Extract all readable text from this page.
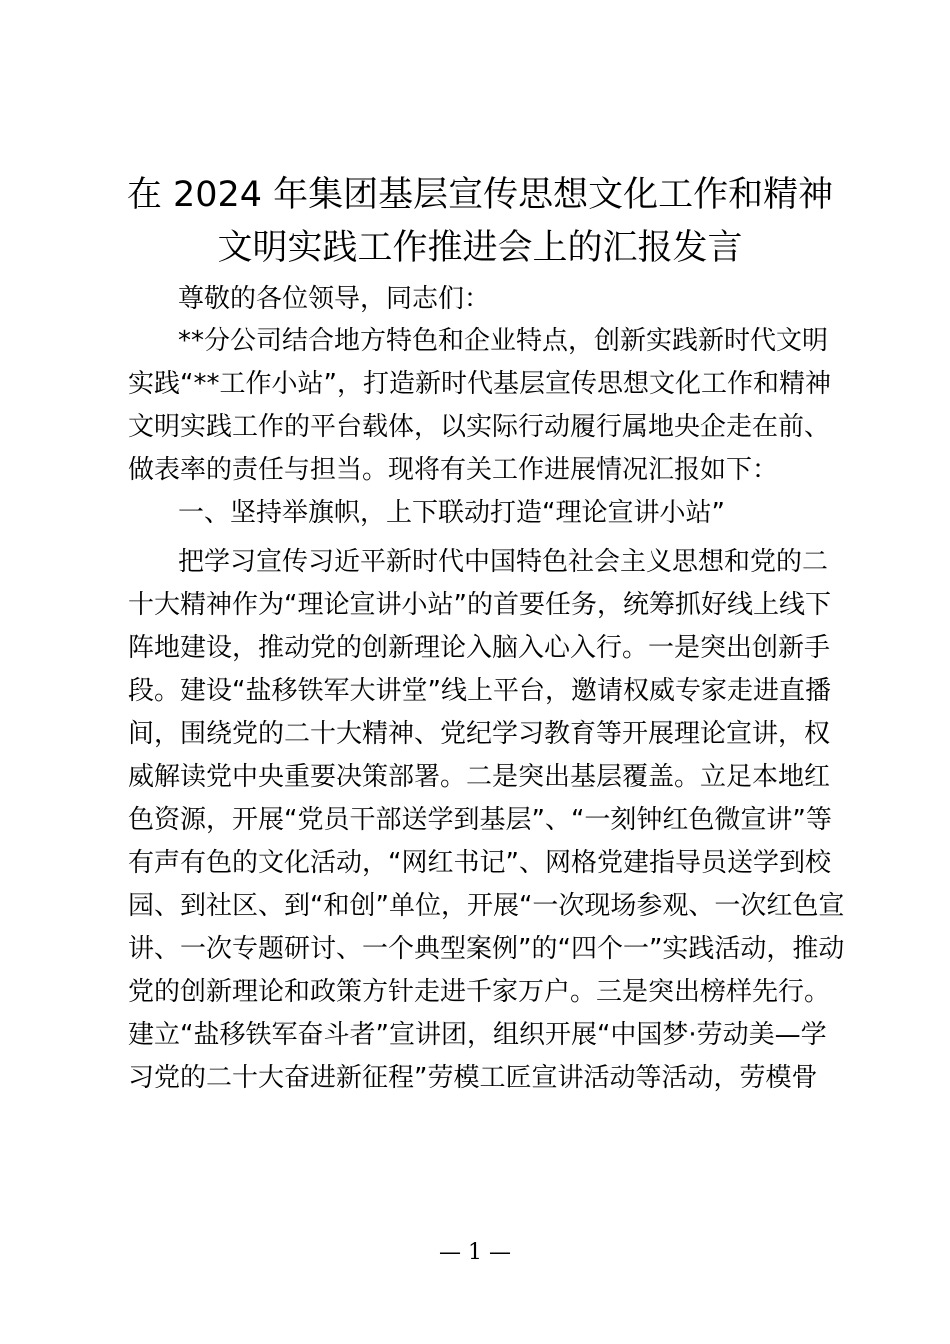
在 2024 年集团基层宣传思想文化工作和精神
文明实践工作推进会上的汇报发言

尊敬的各位领导，同志们：

**分公司结合地方特色和企业特点，创新实践新时代文明

实践“**工作小站”，打造新时代基层宣传思想文化工作和精神

文明实践工作的平台载体，以实际行动履行属地央企走在前、

做表率的责任与担当。现将有关工作进展情况汇报如下：

一、坚持举旗帜，上下联动打造“理论宣讲小站”

把学习宣传习近平新时代中国特色社会主义思想和党的二

十大精神作为“理论宣讲小站”的首要任务，统筹抓好线上线下

阵地建设，推动党的创新理论入脑入心入行。一是突出创新手

段。建设“盐移铁军大讲堂”线上平台，邀请权威专家走进直播

间，围绕党的二十大精神、党纪学习教育等开展理论宣讲，权

威解读党中央重要决策部署。二是突出基层覆盖。立足本地红

色资源，开展“党员干部送学到基层”、“一刻钟红色微宣讲”等

有声有色的文化活动，“网红书记”、网格党建指导员送学到校

园、到社区、到“和创”单位，开展“一次现场参观、一次红色宣

讲、一次专题研讨、一个典型案例”的“四个一”实践活动，推动

党的创新理论和政策方针走进千家万户。三是突出榜样先行。

建立“盐移铁军奋斗者”宣讲团，组织开展“中国梦·劳动美—学

习党的二十大奋进新征程”劳模工匠宣讲活动等活动，劳模骨

— 1 —
